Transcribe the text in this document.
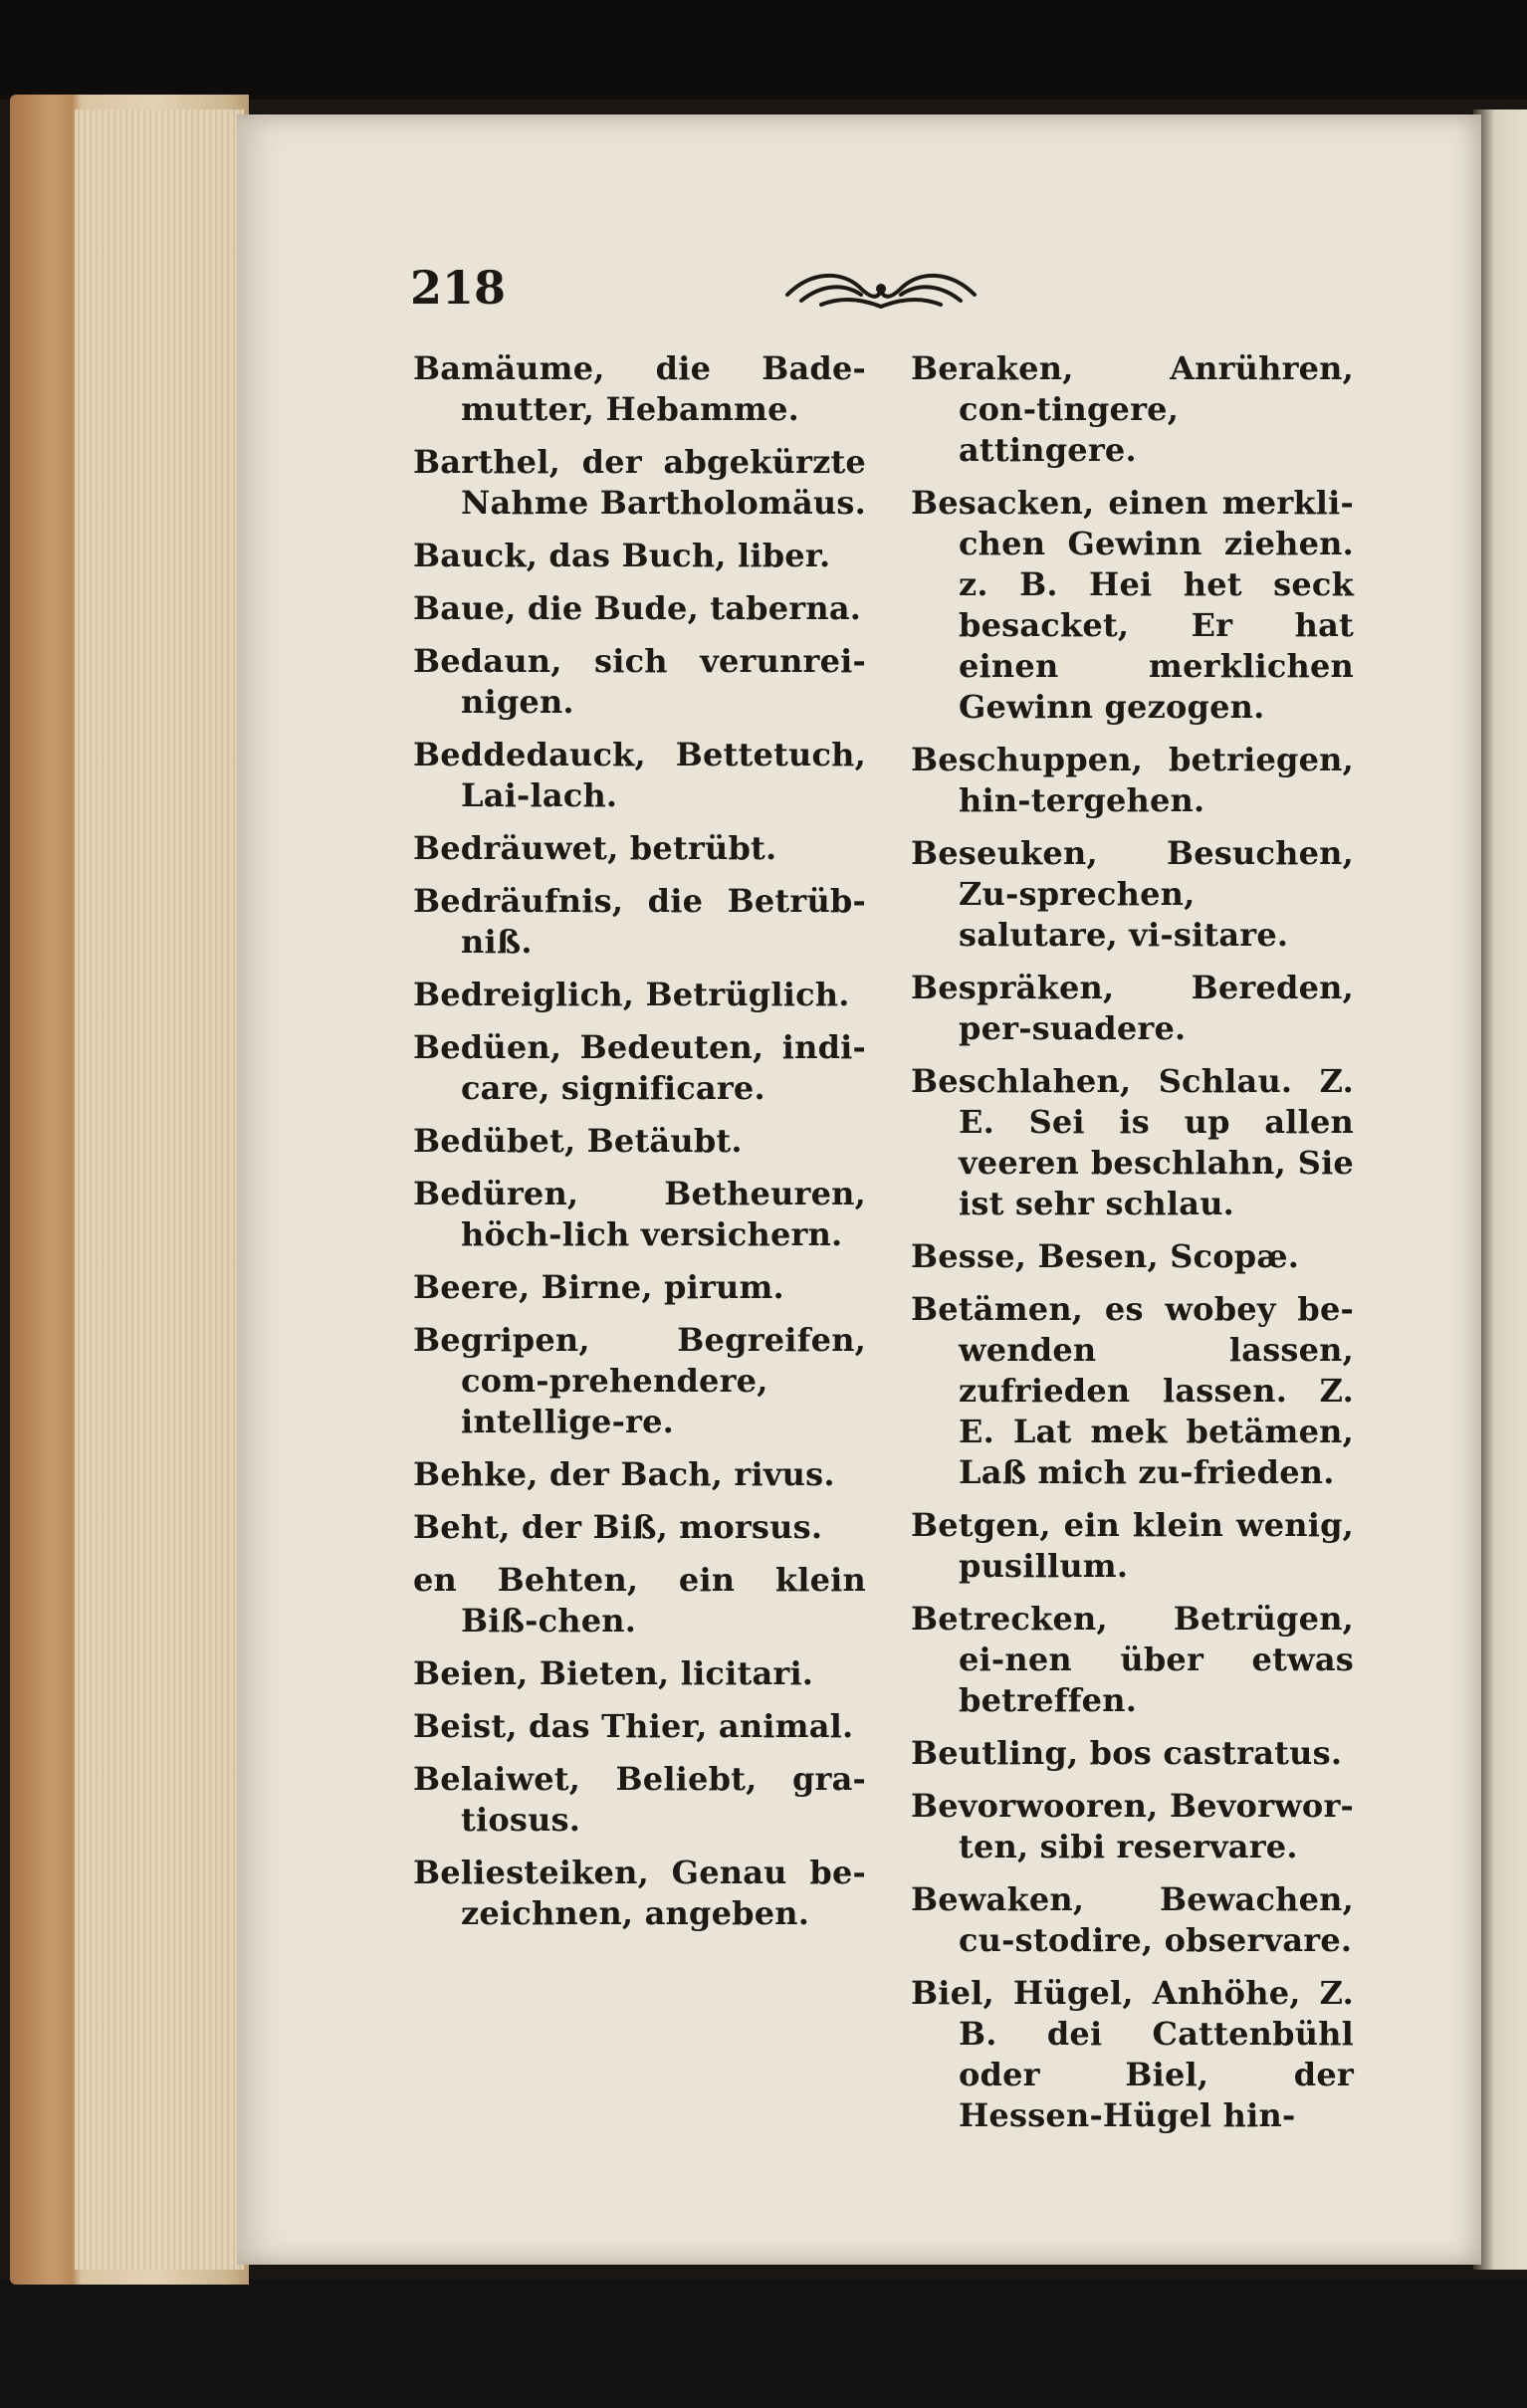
218
Bamäume, die Bade-mutter, Hebamme.
Barthel, der abgekürzte Nahme Bartholomäus.
Bauck, das Buch, liber.
Baue, die Bude, taberna.
Bedaun, sich verunrei-nigen.
Beddedauck, Bettetuch, Lai-lach.
Bedräuwet, betrübt.
Bedräufnis, die Betrüb-niß.
Bedreiglich, Betrüglich.
Bedüen, Bedeuten, indi-care, significare.
Bedübet, Betäubt.
Bedüren, Betheuren, höch-lich versichern.
Beere, Birne, pirum.
Begripen, Begreifen, com-prehendere, intellige-re.
Behke, der Bach, rivus.
Beht, der Biß, morsus.
en Behten, ein klein Biß-chen.
Beien, Bieten, licitari.
Beist, das Thier, animal.
Belaiwet, Beliebt, gra-tiosus.
Beliesteiken, Genau be-zeichnen, angeben.
Beraken, Anrühren, con-tingere, attingere.
Besacken, einen merkli-chen Gewinn ziehen. z. B. Hei het seck besacket, Er hat einen merklichen Gewinn gezogen.
Beschuppen, betriegen, hin-tergehen.
Beseuken, Besuchen, Zu-sprechen, salutare, vi-sitare.
Bespräken, Bereden, per-suadere.
Beschlahen, Schlau. Z. E. Sei is up allen veeren beschlahn, Sie ist sehr schlau.
Besse, Besen, Scopæ.
Betämen, es wobey be-wenden lassen, zufrieden lassen. Z. E. Lat mek betämen, Laß mich zu-frieden.
Betgen, ein klein wenig, pusillum.
Betrecken, Betrügen, ei-nen über etwas betreffen.
Beutling, bos castratus.
Bevorwooren, Bevorwor-ten, sibi reservare.
Bewaken, Bewachen, cu-stodire, observare.
Biel, Hügel, Anhöhe, Z. B. dei Cattenbühl oder Biel, der Hessen-Hügel hin-
